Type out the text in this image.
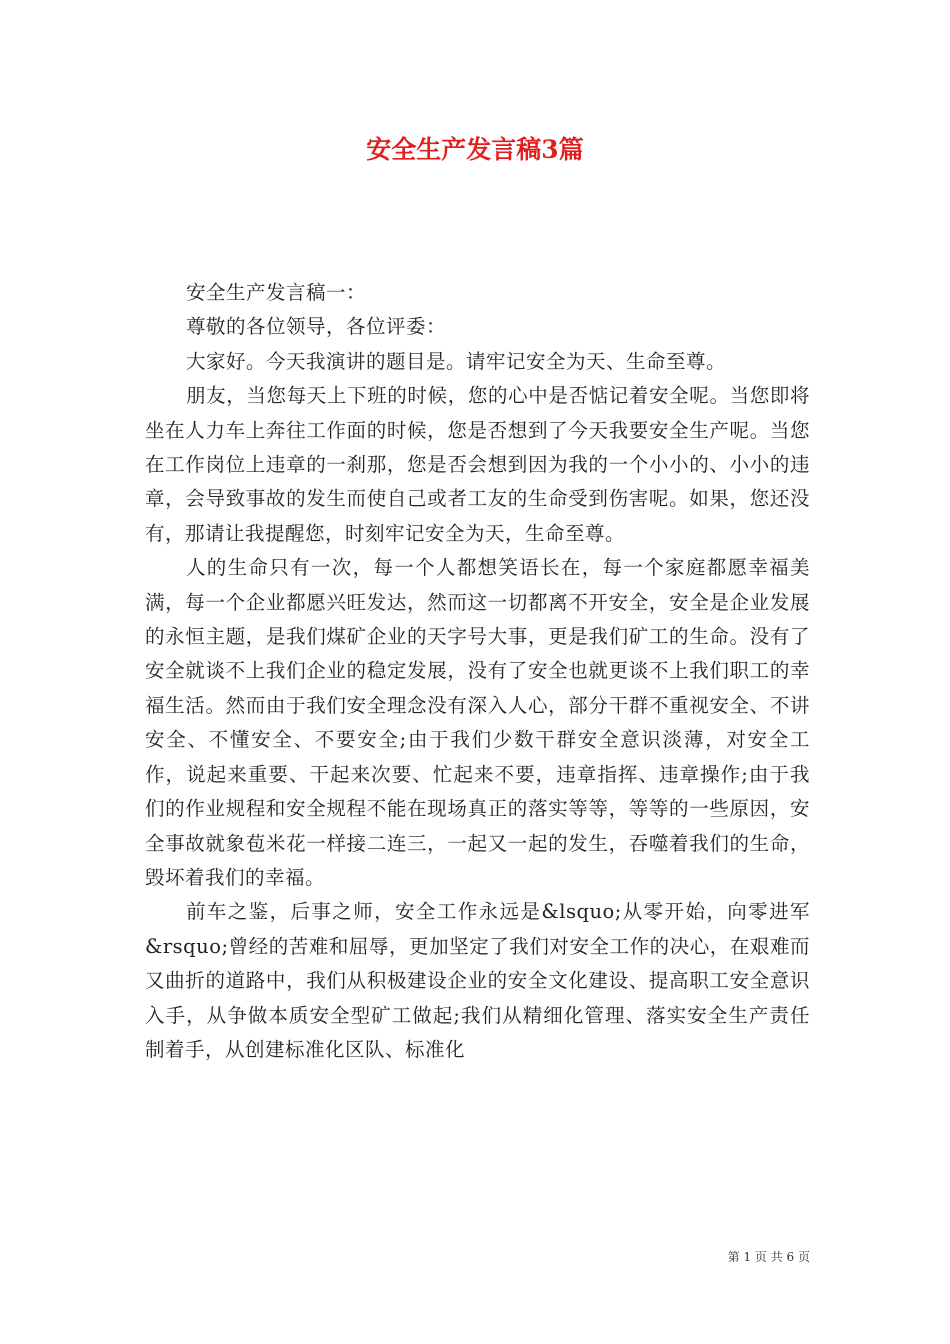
安全生产发言稿3篇

安全生产发言稿一：

尊敬的各位领导，各位评委：

大家好。今天我演讲的题目是。请牢记安全为天、生命至尊。

朋友，当您每天上下班的时候，您的心中是否惦记着安全呢。当您即将坐在人力车上奔往工作面的时候，您是否想到了今天我要安全生产呢。当您在工作岗位上违章的一刹那，您是否会想到因为我的一个小小的、小小的违章，会导致事故的发生而使自己或者工友的生命受到伤害呢。如果，您还没有，那请让我提醒您，时刻牢记安全为天，生命至尊。

人的生命只有一次，每一个人都想笑语长在，每一个家庭都愿幸福美满，每一个企业都愿兴旺发达，然而这一切都离不开安全，安全是企业发展的永恒主题，是我们煤矿企业的天字号大事，更是我们矿工的生命。没有了安全就谈不上我们企业的稳定发展，没有了安全也就更谈不上我们职工的幸福生活。然而由于我们安全理念没有深入人心，部分干群不重视安全、不讲安全、不懂安全、不要安全;由于我们少数干群安全意识淡薄，对安全工作，说起来重要、干起来次要、忙起来不要，违章指挥、违章操作;由于我们的作业规程和安全规程不能在现场真正的落实等等，等等的一些原因，安全事故就象苞米花一样接二连三，一起又一起的发生，吞噬着我们的生命，毁坏着我们的幸福。

前车之鉴，后事之师，安全工作永远是&lsquo;从零开始，向零进军&rsquo;曾经的苦难和屈辱，更加坚定了我们对安全工作的决心，在艰难而又曲折的道路中，我们从积极建设企业的安全文化建设、提高职工安全意识入手，从争做本质安全型矿工做起;我们从精细化管理、落实安全生产责任制着手，从创建标准化区队、标准化

第 1 页 共 6 页
